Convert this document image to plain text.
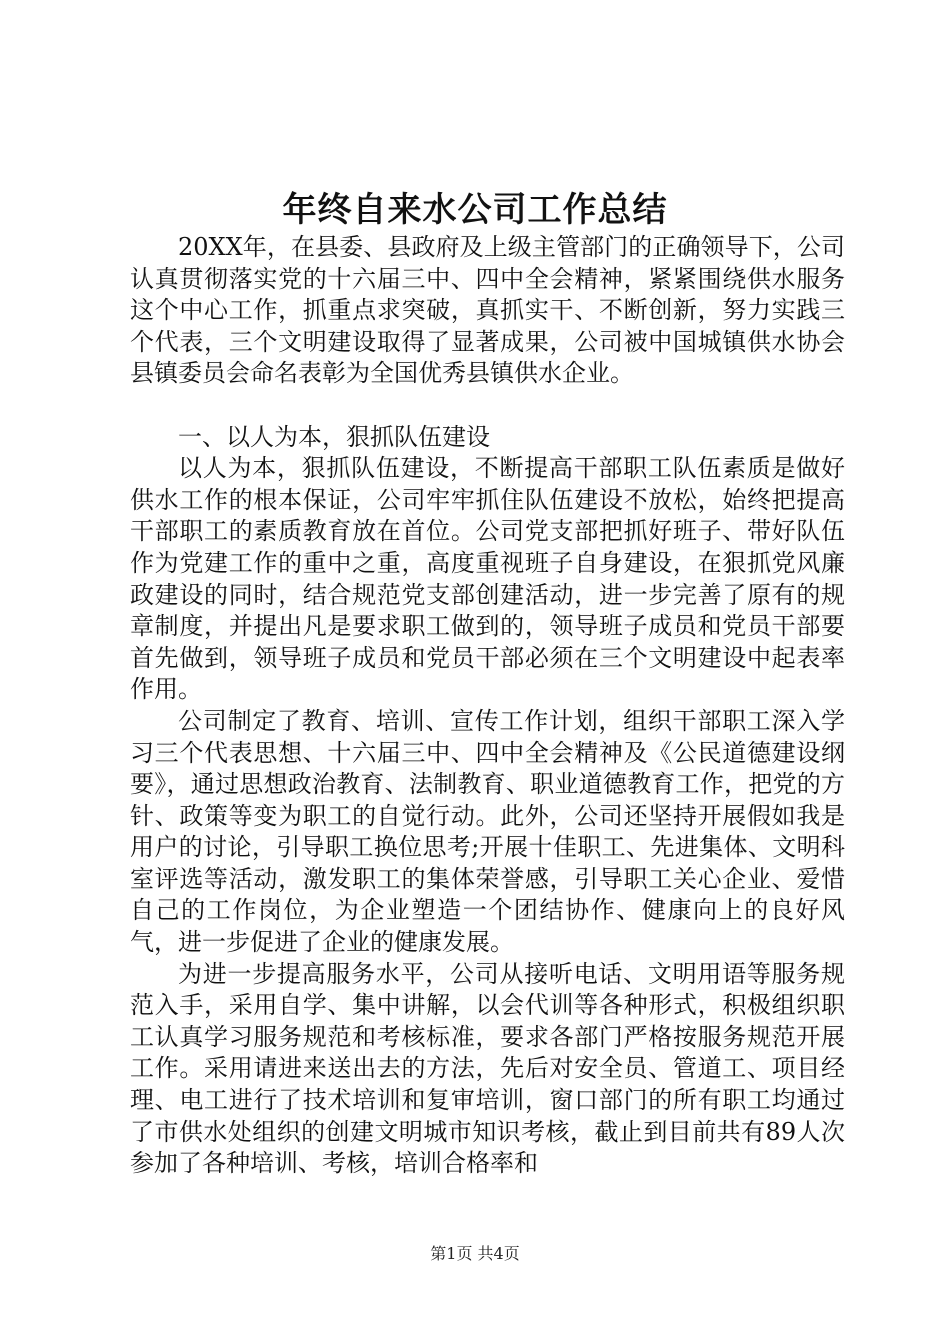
年终自来水公司工作总结

20XX年，在县委、县政府及上级主管部门的正确领导下，公司认真贯彻落实党的十六届三中、四中全会精神，紧紧围绕供水服务这个中心工作，抓重点求突破，真抓实干、不断创新，努力实践三个代表，三个文明建设取得了显著成果，公司被中国城镇供水协会县镇委员会命名表彰为全国优秀县镇供水企业。

一、以人为本，狠抓队伍建设

以人为本，狠抓队伍建设，不断提高干部职工队伍素质是做好供水工作的根本保证，公司牢牢抓住队伍建设不放松，始终把提高干部职工的素质教育放在首位。公司党支部把抓好班子、带好队伍作为党建工作的重中之重，高度重视班子自身建设，在狠抓党风廉政建设的同时，结合规范党支部创建活动，进一步完善了原有的规章制度，并提出凡是要求职工做到的，领导班子成员和党员干部要首先做到，领导班子成员和党员干部必须在三个文明建设中起表率作用。

公司制定了教育、培训、宣传工作计划，组织干部职工深入学习三个代表思想、十六届三中、四中全会精神及《公民道德建设纲要》，通过思想政治教育、法制教育、职业道德教育工作，把党的方针、政策等变为职工的自觉行动。此外，公司还坚持开展假如我是用户的讨论，引导职工换位思考;开展十佳职工、先进集体、文明科室评选等活动，激发职工的集体荣誉感，引导职工关心企业、爱惜自己的工作岗位，为企业塑造一个团结协作、健康向上的良好风气，进一步促进了企业的健康发展。

为进一步提高服务水平，公司从接听电话、文明用语等服务规范入手，采用自学、集中讲解，以会代训等各种形式，积极组织职工认真学习服务规范和考核标准，要求各部门严格按服务规范开展工作。采用请进来送出去的方法，先后对安全员、管道工、项目经理、电工进行了技术培训和复审培训，窗口部门的所有职工均通过了市供水处组织的创建文明城市知识考核，截止到目前共有89人次参加了各种培训、考核，培训合格率和

第1页 共4页
